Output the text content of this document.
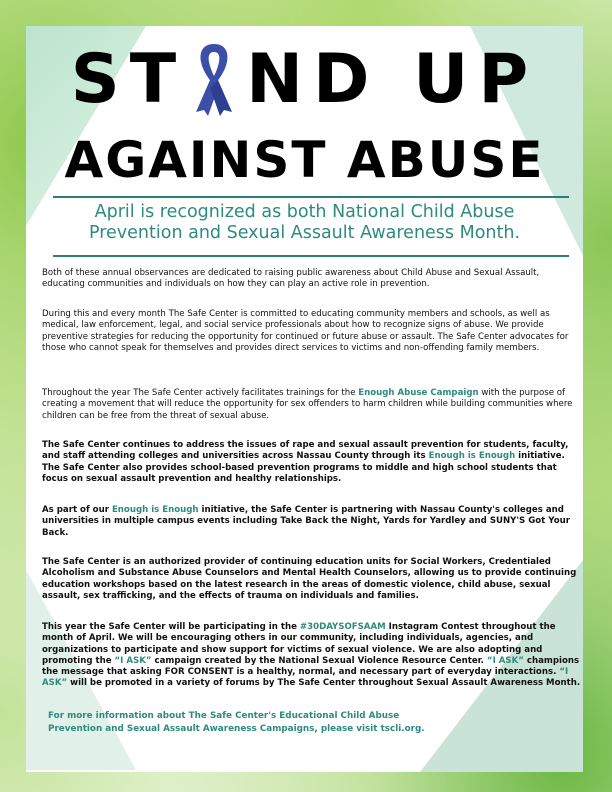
ST ND UP
AGAINST ABUSE

April is recognized as both National Child Abuse
Prevention and Sexual Assault Awareness Month.

Both of these annual observances are dedicated to raising public awareness about Child Abuse and Sexual Assault, educating communities and individuals on how they can play an active role in prevention.

During this and every month The Safe Center is committed to educating community members and schools, as well as medical, law enforcement, legal, and social service professionals about how to recognize signs of abuse. We provide preventive strategies for reducing the opportunity for continued or future abuse or assault. The Safe Center advocates for those who cannot speak for themselves and provides direct services to victims and non-offending family members.

Throughout the year The Safe Center actively facilitates trainings for the Enough Abuse Campaign with the purpose of creating a movement that will reduce the opportunity for sex offenders to harm children while building communities where children can be free from the threat of sexual abuse.

The Safe Center continues to address the issues of rape and sexual assault prevention for students, faculty, and staff attending colleges and universities across Nassau County through its Enough is Enough initiative. The Safe Center also provides school-based prevention programs to middle and high school students that focus on sexual assault prevention and healthy relationships.

As part of our Enough is Enough initiative, the Safe Center is partnering with Nassau County's colleges and universities in multiple campus events including Take Back the Night, Yards for Yardley and SUNY'S Got Your Back.

The Safe Center is an authorized provider of continuing education units for Social Workers, Credentialed Alcoholism and Substance Abuse Counselors and Mental Health Counselors, allowing us to provide continuing education workshops based on the latest research in the areas of domestic violence, child abuse, sexual assault, sex trafficking, and the effects of trauma on individuals and families.

This year the Safe Center will be participating in the #30DAYSOFSAAM Instagram Contest throughout the month of April. We will be encouraging others in our community, including individuals, agencies, and organizations to participate and show support for victims of sexual violence. We are also adopting and promoting the “I ASK” campaign created by the National Sexual Violence Resource Center. “I ASK” champions the message that asking FOR CONSENT is a healthy, normal, and necessary part of everyday interactions. “I ASK” will be promoted in a variety of forums by The Safe Center throughout Sexual Assault Awareness Month.

For more information about The Safe Center's Educational Child Abuse
Prevention and Sexual Assault Awareness Campaigns, please visit tscli.org.
